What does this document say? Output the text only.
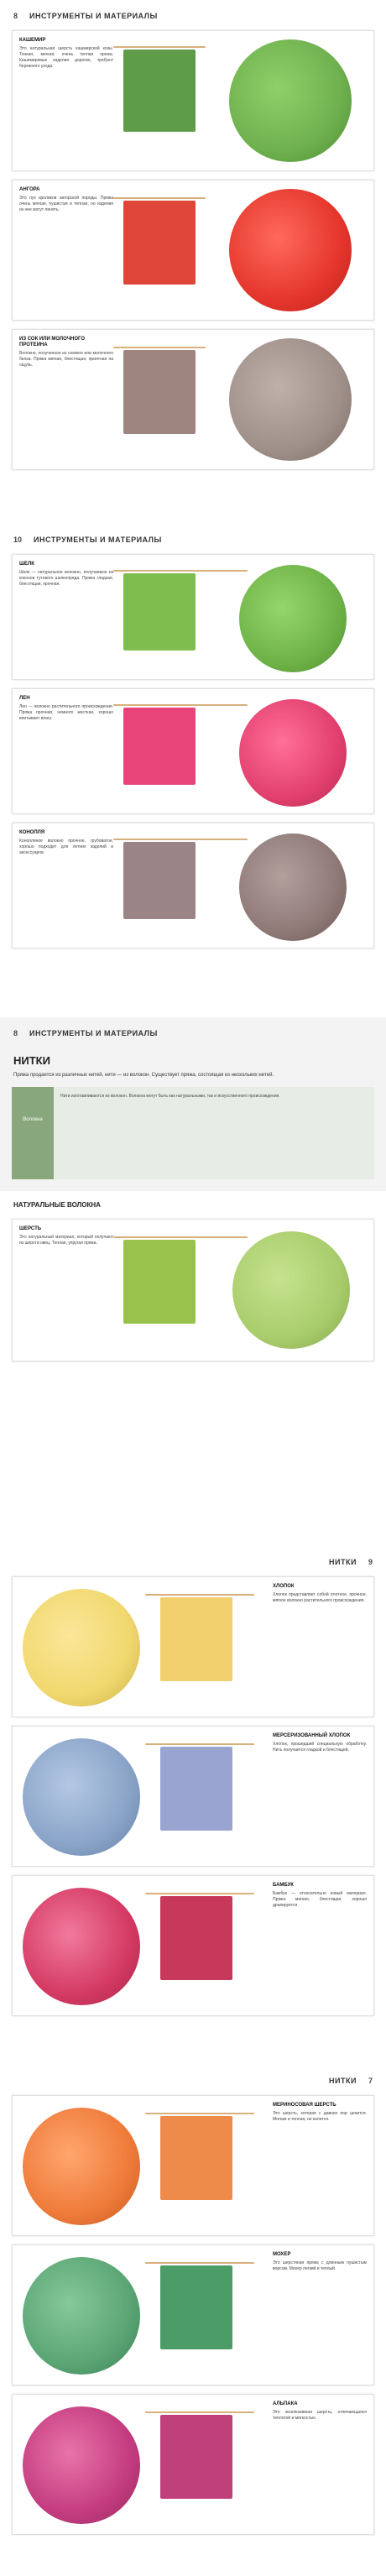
8 ИНСТРУМЕНТЫ И МАТЕРИАЛЫ
КАШЕМИР

Это натуральная шерсть кашмирской козы. Тонкая, мягкая, очень теплая пряжа. Кашемировые изделия дорогие, требуют бережного ухода.

АНГОРА

Это пух кроликов ангорской породы. Пряжа очень мягкая, пушистая и теплая, но изделия из нее могут линять.

ИЗ СОК ИЛИ МОЛОЧНОГО ПРОТЕИНА

Волокно, полученное из соевого или молочного белка. Пряжа мягкая, блестящая, приятная на ощупь.

10 ИНСТРУМЕНТЫ И МАТЕРИАЛЫ
ШЕЛК

Шелк — натуральное волокно, получаемое из коконов тутового шелкопряда. Пряжа гладкая, блестящая, прочная.

ЛЕН

Лен — волокно растительного происхождения. Пряжа прочная, немного жесткая, хорошо впитывает влагу.

КОНОПЛЯ

Конопляное волокно прочное, грубоватое, хорошо подходит для летних изделий и аксессуаров.

8 ИНСТРУМЕНТЫ И МАТЕРИАЛЫ
НИТКИ
Пряжа продается из различных нитей, нити — из волокон. Существует пряжа, состоящая из нескольких нитей.
Волокна

Нити изготавливаются из волокон. Волокна могут быть как натуральными, так и искусственного происхождения.

НАТУРАЛЬНЫЕ ВОЛОКНА
ШЕРСТЬ

Это натуральный материал, который получают из шерсти овец. Теплая, упругая пряжа.

НИТКИ 9
ХЛОПОК

Хлопок представляет собой плотное, прочное, мягкое волокно растительного происхождения.

МЕРСЕРИЗОВАННЫЙ ХЛОПОК

Хлопок, прошедший специальную обработку. Нить получается гладкой и блестящей.

БАМБУК

Бамбук — относительно новый материал. Пряжа мягкая, блестящая, хорошо драпируется.

НИТКИ 7
МЕРИНОСОВАЯ ШЕРСТЬ

Это шерсть, которая с давних пор ценится. Мягкая и теплая, не колется.

МОХЕР

Это шерстяная пряжа с длинным пушистым ворсом. Мохер легкий и теплый.

АЛЬПАКА

Это эксклюзивная шерсть, отличающаяся теплотой и мягкостью.
